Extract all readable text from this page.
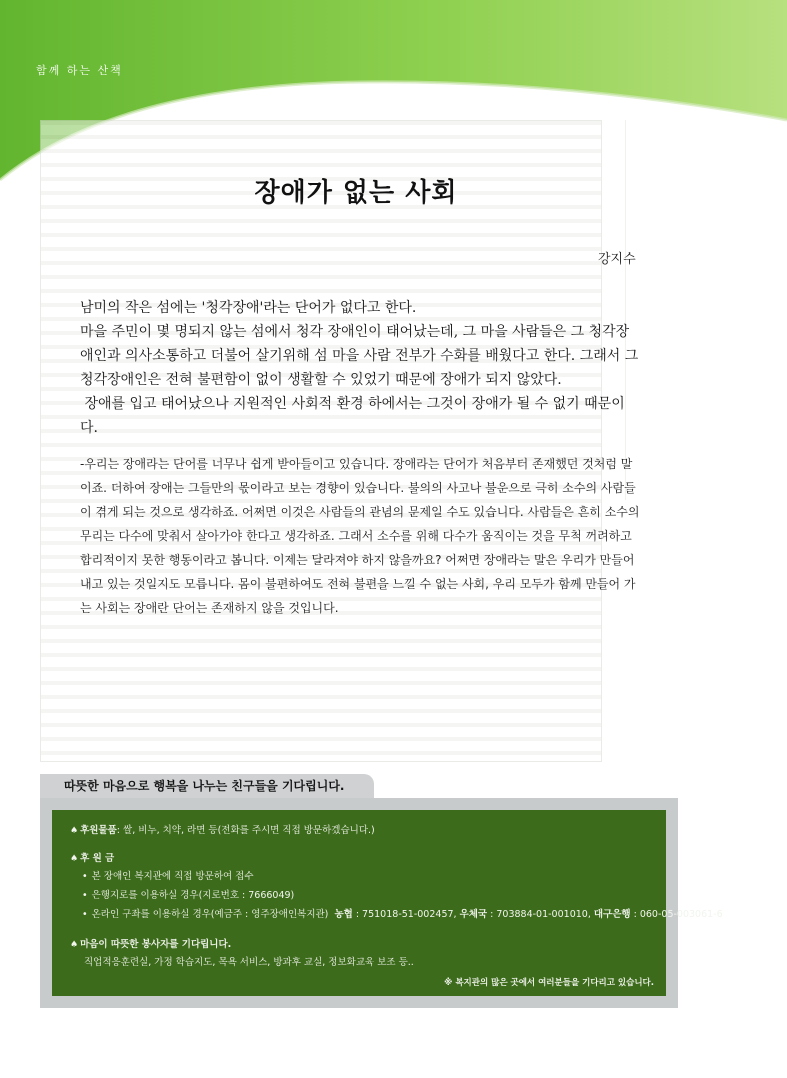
함께 하는 산책
장애가 없는 사회
강지수

남미의 작은 섬에는 '청각장애'라는 단어가 없다고 한다.

마을 주민이 몇 명되지 않는 섬에서 청각 장애인이 태어났는데, 그 마을 사람들은 그 청각장애인과 의사소통하고 더불어 살기위해 섬 마을 사람 전부가 수화를 배웠다고 한다. 그래서 그 청각장애인은 전혀 불편함이 없이 생활할 수 있었기 때문에 장애가 되지 않았다.

장애를 입고 태어났으나 지원적인 사회적 환경 하에서는 그것이 장애가 될 수 없기 때문이다.

-우리는 장애라는 단어를 너무나 쉽게 받아들이고 있습니다. 장애라는 단어가 처음부터 존재했던 것처럼 말이죠. 더하여 장애는 그들만의 몫이라고 보는 경향이 있습니다. 불의의 사고나 불운으로 극히 소수의 사람들이 겪게 되는 것으로 생각하죠. 어쩌면 이것은 사람들의 관념의 문제일 수도 있습니다. 사람들은 흔히 소수의 무리는 다수에 맞춰서 살아가야 한다고 생각하죠. 그래서 소수를 위해 다수가 움직이는 것을 무척 꺼려하고 합리적이지 못한 행동이라고 봅니다. 이제는 달라져야 하지 않을까요? 어쩌면 장애라는 말은 우리가 만들어 내고 있는 것일지도 모릅니다. 몸이 불편하여도 전혀 불편을 느낄 수 없는 사회, 우리 모두가 함께 만들어 가는 사회는 장애란 단어는 존재하지 않을 것입니다.
따뜻한 마음으로 행복을 나누는 친구들을 기다립니다.
♠ 후원물품: 쌀, 비누, 치약, 라면 등(전화를 주시면 직접 방문하겠습니다.)
♠ 후 원 금
• 본 장애인 복지관에 직접 방문하여 접수
• 은행지로를 이용하실 경우(지로번호 : 7666049)
• 온라인 구좌를 이용하실 경우(예금주 : 영주장애인복지관) 농협 : 751018-51-002457, 우체국 : 703884-01-001010, 대구은행 : 060-05-003061-6
♠ 마음이 따뜻한 봉사자를 기다립니다.
직업적응훈련실, 가정 학습지도, 목욕 서비스, 방과후 교실, 정보화교육 보조 등..
※ 복지관의 많은 곳에서 여러분들을 기다리고 있습니다.
